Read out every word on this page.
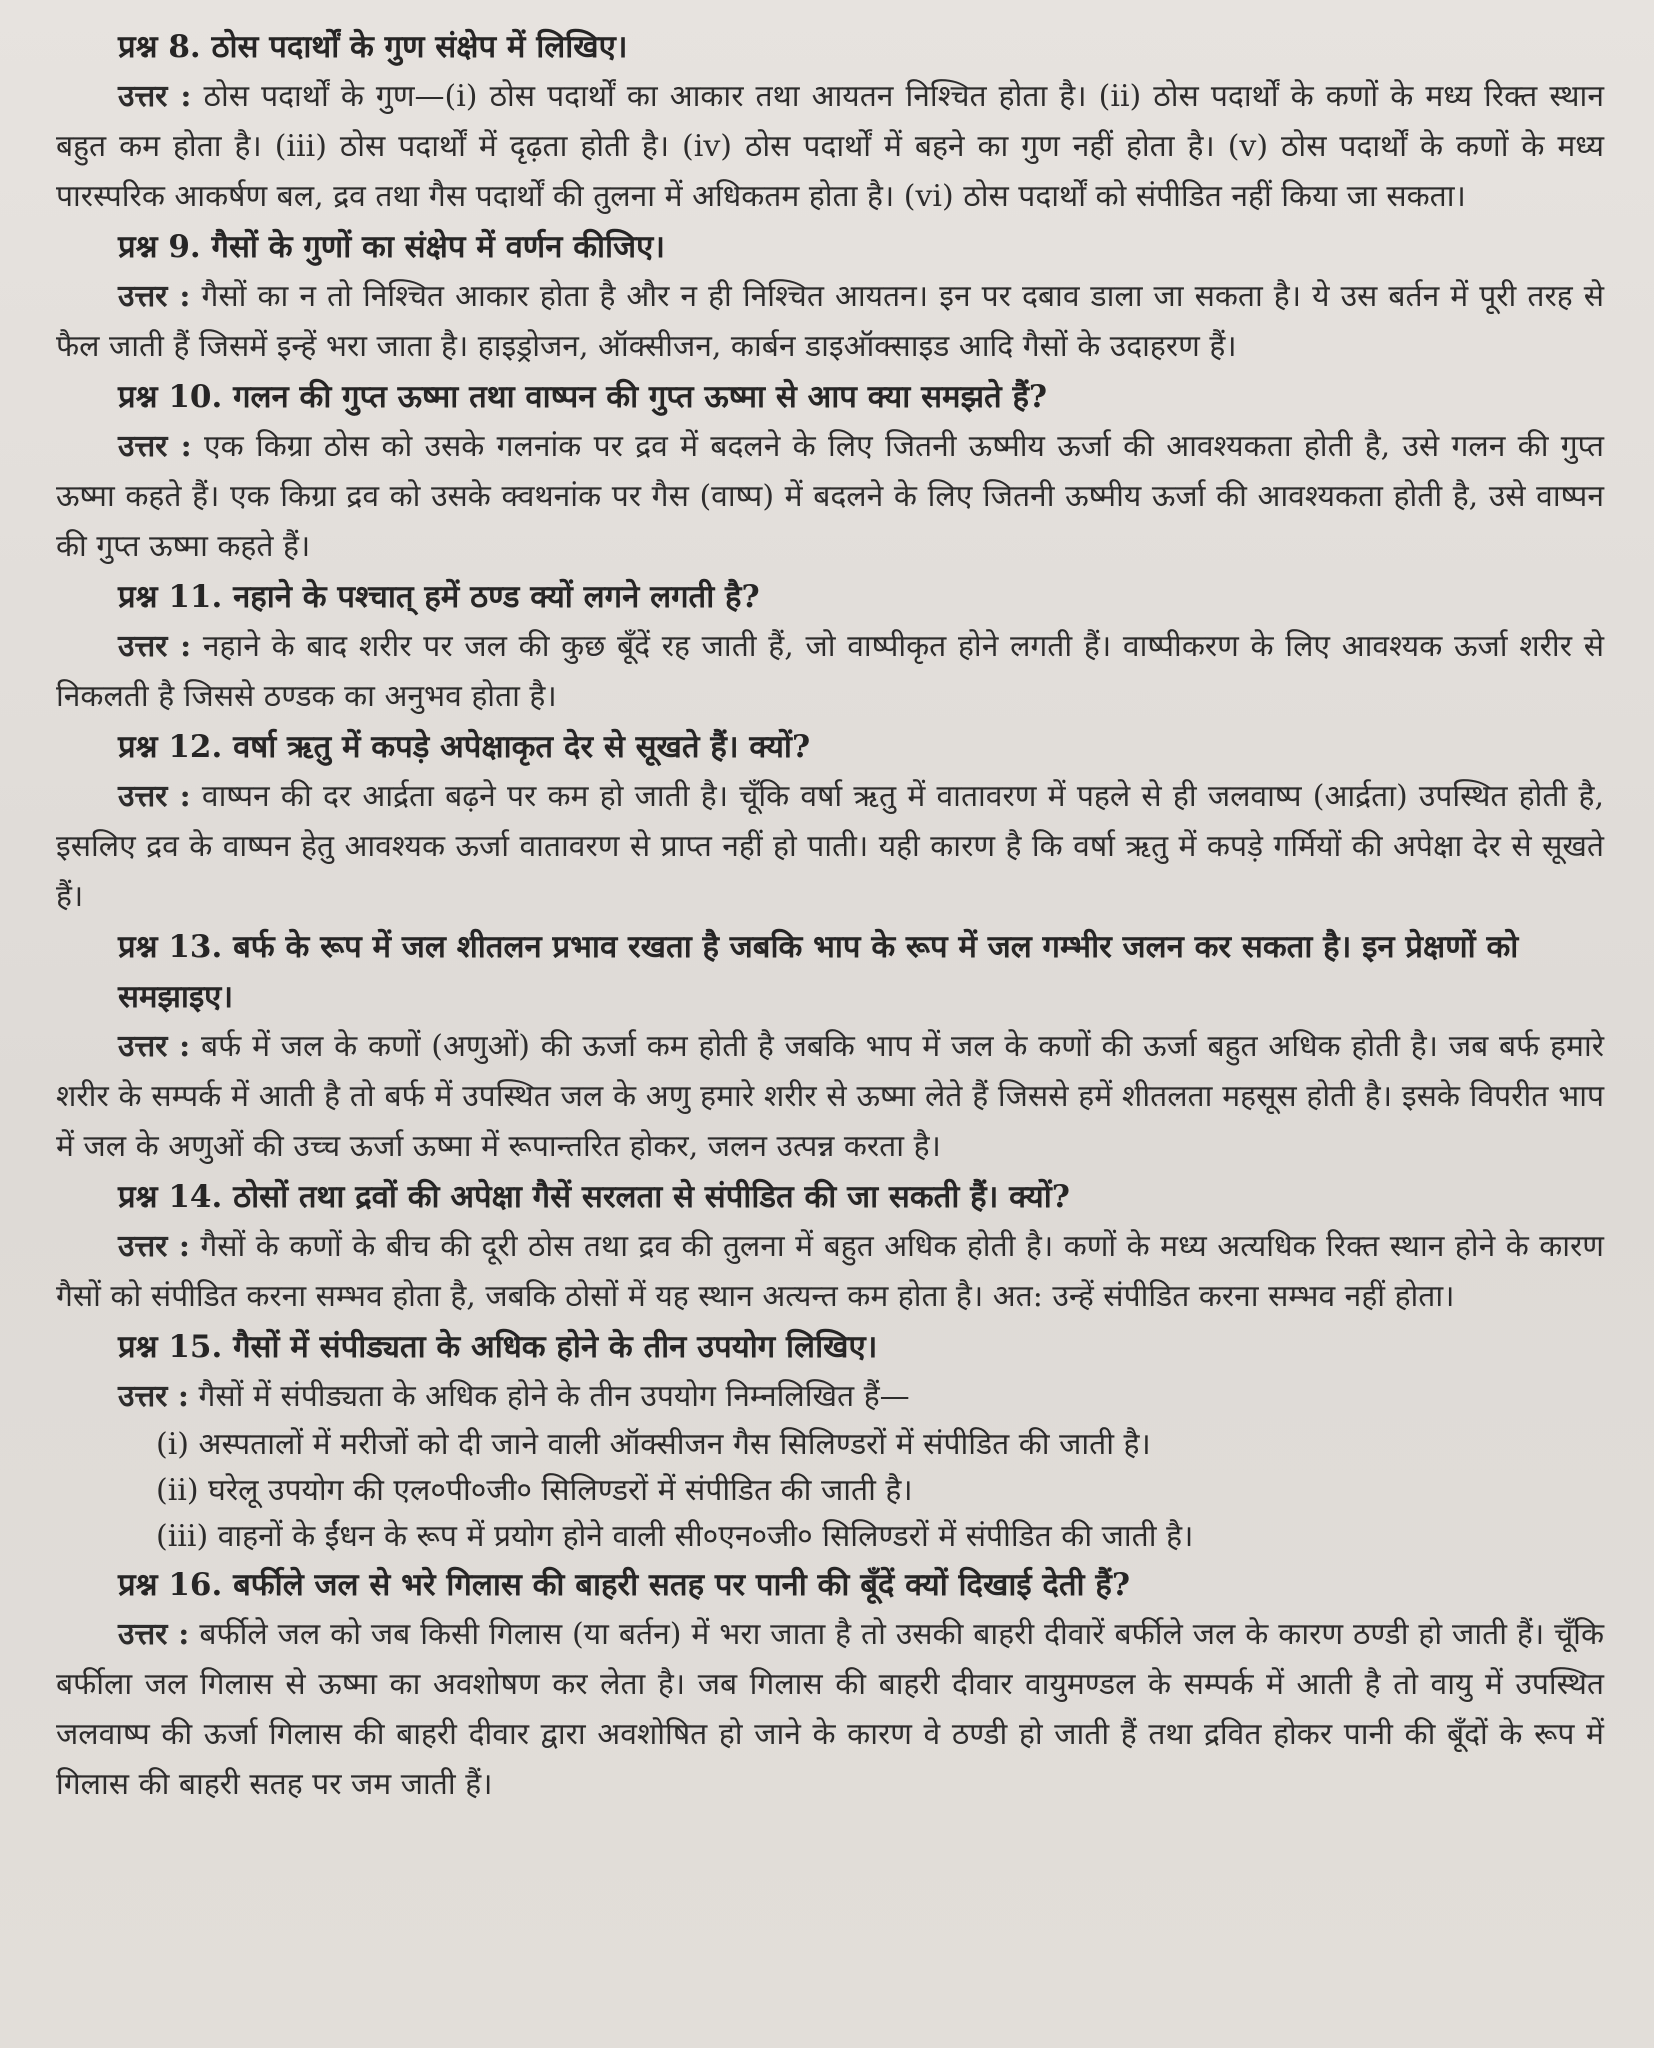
प्रश्न 8. ठोस पदार्थों के गुण संक्षेप में लिखिए।
उत्तर : ठोस पदार्थों के गुण—(i) ठोस पदार्थों का आकार तथा आयतन निश्चित होता है। (ii) ठोस पदार्थों के कणों के मध्य रिक्त स्थान बहुत कम होता है। (iii) ठोस पदार्थों में दृढ़ता होती है। (iv) ठोस पदार्थों में बहने का गुण नहीं होता है। (v) ठोस पदार्थों के कणों के मध्य पारस्परिक आकर्षण बल, द्रव तथा गैस पदार्थों की तुलना में अधिकतम होता है। (vi) ठोस पदार्थों को संपीडित नहीं किया जा सकता।
प्रश्न 9. गैसों के गुणों का संक्षेप में वर्णन कीजिए।
उत्तर : गैसों का न तो निश्चित आकार होता है और न ही निश्चित आयतन। इन पर दबाव डाला जा सकता है। ये उस बर्तन में पूरी तरह से फैल जाती हैं जिसमें इन्हें भरा जाता है। हाइड्रोजन, ऑक्सीजन, कार्बन डाइऑक्साइड आदि गैसों के उदाहरण हैं।
प्रश्न 10. गलन की गुप्त ऊष्मा तथा वाष्पन की गुप्त ऊष्मा से आप क्या समझते हैं?
उत्तर : एक किग्रा ठोस को उसके गलनांक पर द्रव में बदलने के लिए जितनी ऊष्मीय ऊर्जा की आवश्यकता होती है, उसे गलन की गुप्त ऊष्मा कहते हैं। एक किग्रा द्रव को उसके क्वथनांक पर गैस (वाष्प) में बदलने के लिए जितनी ऊष्मीय ऊर्जा की आवश्यकता होती है, उसे वाष्पन की गुप्त ऊष्मा कहते हैं।
प्रश्न 11. नहाने के पश्चात् हमें ठण्ड क्यों लगने लगती है?
उत्तर : नहाने के बाद शरीर पर जल की कुछ बूँदें रह जाती हैं, जो वाष्पीकृत होने लगती हैं। वाष्पीकरण के लिए आवश्यक ऊर्जा शरीर से निकलती है जिससे ठण्डक का अनुभव होता है।
प्रश्न 12. वर्षा ऋतु में कपड़े अपेक्षाकृत देर से सूखते हैं। क्यों?
उत्तर : वाष्पन की दर आर्द्रता बढ़ने पर कम हो जाती है। चूँकि वर्षा ऋतु में वातावरण में पहले से ही जलवाष्प (आर्द्रता) उपस्थित होती है, इसलिए द्रव के वाष्पन हेतु आवश्यक ऊर्जा वातावरण से प्राप्त नहीं हो पाती। यही कारण है कि वर्षा ऋतु में कपड़े गर्मियों की अपेक्षा देर से सूखते हैं।
प्रश्न 13. बर्फ के रूप में जल शीतलन प्रभाव रखता है जबकि भाप के रूप में जल गम्भीर जलन कर सकता है। इन प्रेक्षणों को समझाइए।
उत्तर : बर्फ में जल के कणों (अणुओं) की ऊर्जा कम होती है जबकि भाप में जल के कणों की ऊर्जा बहुत अधिक होती है। जब बर्फ हमारे शरीर के सम्पर्क में आती है तो बर्फ में उपस्थित जल के अणु हमारे शरीर से ऊष्मा लेते हैं जिससे हमें शीतलता महसूस होती है। इसके विपरीत भाप में जल के अणुओं की उच्च ऊर्जा ऊष्मा में रूपान्तरित होकर, जलन उत्पन्न करता है।
प्रश्न 14. ठोसों तथा द्रवों की अपेक्षा गैसें सरलता से संपीडित की जा सकती हैं। क्यों?
उत्तर : गैसों के कणों के बीच की दूरी ठोस तथा द्रव की तुलना में बहुत अधिक होती है। कणों के मध्य अत्यधिक रिक्त स्थान होने के कारण गैसों को संपीडित करना सम्भव होता है, जबकि ठोसों में यह स्थान अत्यन्त कम होता है। अत: उन्हें संपीडित करना सम्भव नहीं होता।
प्रश्न 15. गैसों में संपीड्यता के अधिक होने के तीन उपयोग लिखिए।
उत्तर : गैसों में संपीड्यता के अधिक होने के तीन उपयोग निम्नलिखित हैं—
(i) अस्पतालों में मरीजों को दी जाने वाली ऑक्सीजन गैस सिलिण्डरों में संपीडित की जाती है।
(ii) घरेलू उपयोग की एल०पी०जी० सिलिण्डरों में संपीडित की जाती है।
(iii) वाहनों के ईंधन के रूप में प्रयोग होने वाली सी०एन०जी० सिलिण्डरों में संपीडित की जाती है।
प्रश्न 16. बर्फीले जल से भरे गिलास की बाहरी सतह पर पानी की बूँदें क्यों दिखाई देती हैं?
उत्तर : बर्फीले जल को जब किसी गिलास (या बर्तन) में भरा जाता है तो उसकी बाहरी दीवारें बर्फीले जल के कारण ठण्डी हो जाती हैं। चूँकि बर्फीला जल गिलास से ऊष्मा का अवशोषण कर लेता है। जब गिलास की बाहरी दीवार वायुमण्डल के सम्पर्क में आती है तो वायु में उपस्थित जलवाष्प की ऊर्जा गिलास की बाहरी दीवार द्वारा अवशोषित हो जाने के कारण वे ठण्डी हो जाती हैं तथा द्रवित होकर पानी की बूँदों के रूप में गिलास की बाहरी सतह पर जम जाती हैं।
